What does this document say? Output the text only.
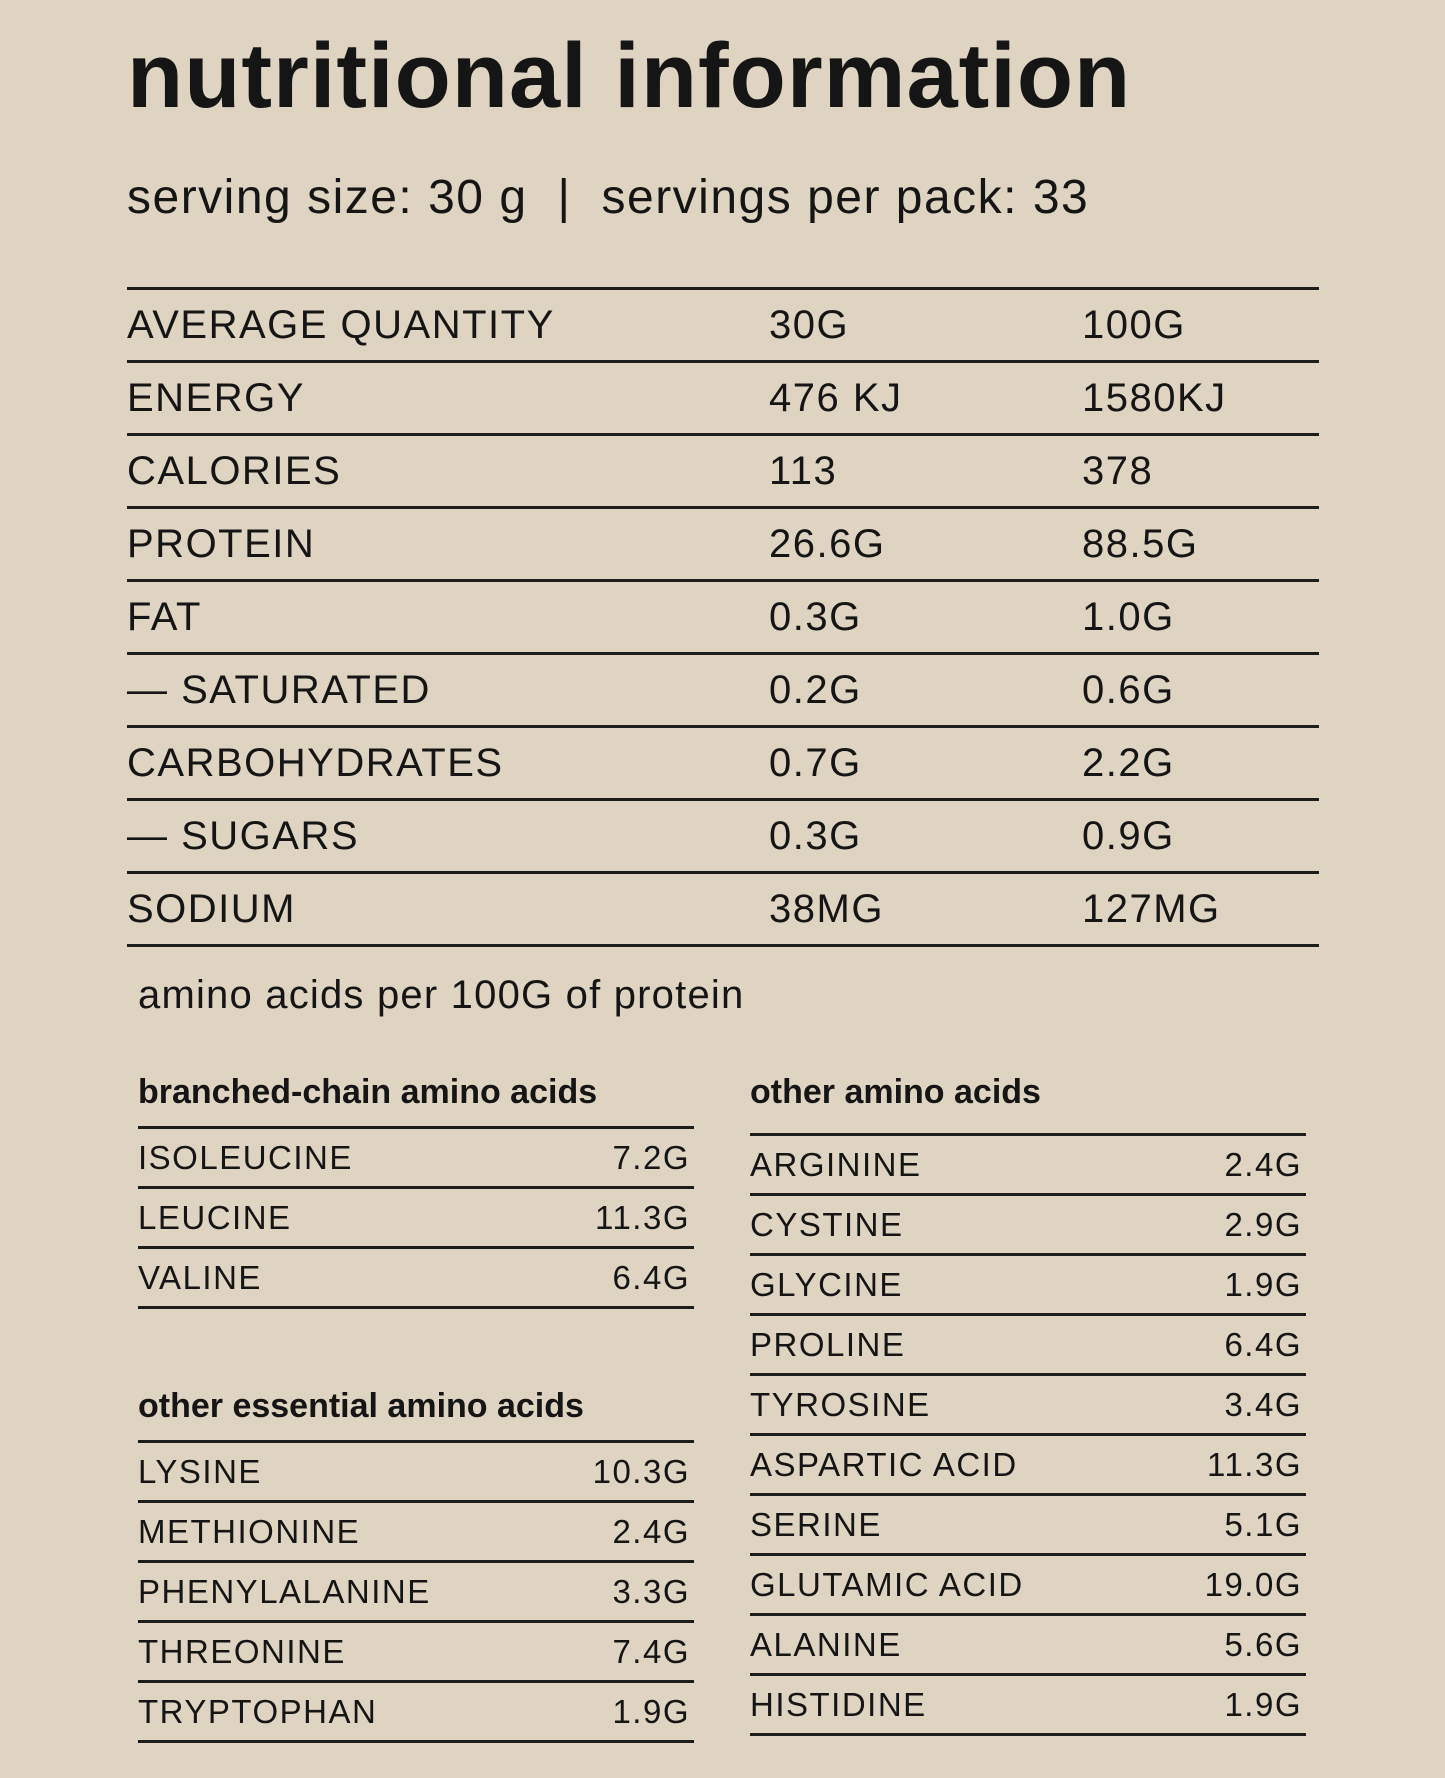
nutritional information
serving size: 30 g | servings per pack: 33
AVERAGE QUANTITY	30G	100G
ENERGY	476 KJ	1580KJ
CALORIES	113	378
PROTEIN	26.6G	88.5G
FAT	0.3G	1.0G
— SATURATED	0.2G	0.6G
CARBOHYDRATES	0.7G	2.2G
— SUGARS	0.3G	0.9G
SODIUM	38MG	127MG
amino acids per 100G of protein
branched-chain amino acids
ISOLEUCINE	7.2G
LEUCINE	11.3G
VALINE	6.4G
other essential amino acids
LYSINE	10.3G
METHIONINE	2.4G
PHENYLALANINE	3.3G
THREONINE	7.4G
TRYPTOPHAN	1.9G
other amino acids
ARGININE	2.4G
CYSTINE	2.9G
GLYCINE	1.9G
PROLINE	6.4G
TYROSINE	3.4G
ASPARTIC ACID	11.3G
SERINE	5.1G
GLUTAMIC ACID	19.0G
ALANINE	5.6G
HISTIDINE	1.9G
